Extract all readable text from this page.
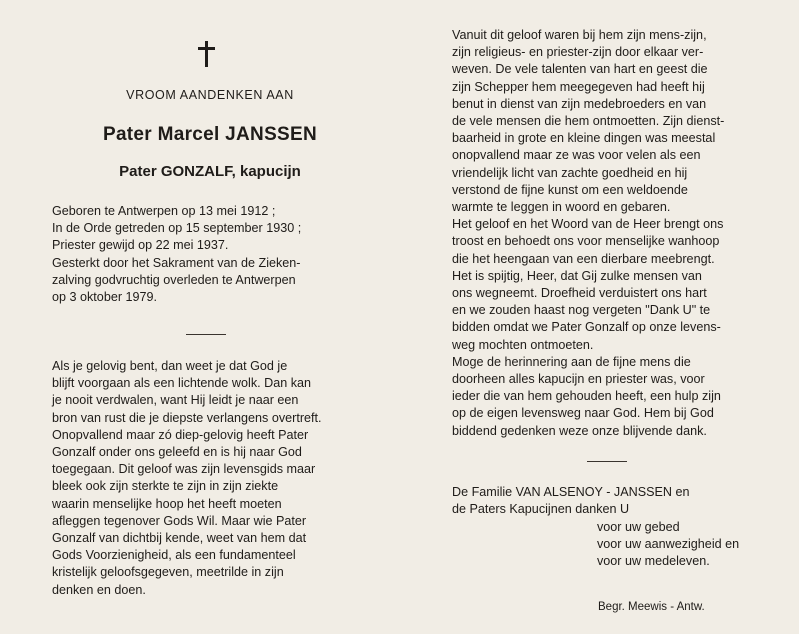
VROOM AANDENKEN AAN
Pater Marcel JANSSEN
Pater GONZALF, kapucijn
Geboren te Antwerpen op 13 mei 1912 ;
In de Orde getreden op 15 september 1930 ;
Priester gewijd op 22 mei 1937.
Gesterkt door het Sakrament van de Zieken-
zalving godvruchtig overleden te Antwerpen
op 3 oktober 1979.
Als je gelovig bent, dan weet je dat God je
blijft voorgaan als een lichtende wolk. Dan kan
je nooit verdwalen, want Hij leidt je naar een
bron van rust die je diepste verlangens overtreft.
Onopvallend maar zó diep-gelovig heeft Pater
Gonzalf onder ons geleefd en is hij naar God
toegegaan. Dit geloof was zijn levensgids maar
bleek ook zijn sterkte te zijn in zijn ziekte
waarin menselijke hoop het heeft moeten
afleggen tegenover Gods Wil. Maar wie Pater
Gonzalf van dichtbij kende, weet van hem dat
Gods Voorzienigheid, als een fundamenteel
kristelijk geloofsgegeven, meetrilde in zijn
denken en doen.
Vanuit dit geloof waren bij hem zijn mens-zijn,
zijn religieus- en priester-zijn door elkaar ver-
weven. De vele talenten van hart en geest die
zijn Schepper hem meegegeven had heeft hij
benut in dienst van zijn medebroeders en van
de vele mensen die hem ontmoetten. Zijn dienst-
baarheid in grote en kleine dingen was meestal
onopvallend maar ze was voor velen als een
vriendelijk licht van zachte goedheid en hij
verstond de fijne kunst om een weldoende
warmte te leggen in woord en gebaren.
Het geloof en het Woord van de Heer brengt ons
troost en behoedt ons voor menselijke wanhoop
die het heengaan van een dierbare meebrengt.
Het is spijtig, Heer, dat Gij zulke mensen van
ons wegneemt. Droefheid verduistert ons hart
en we zouden haast nog vergeten "Dank U" te
bidden omdat we Pater Gonzalf op onze levens-
weg mochten ontmoeten.
Moge de herinnering aan de fijne mens die
doorheen alles kapucijn en priester was, voor
ieder die van hem gehouden heeft, een hulp zijn
op de eigen levensweg naar God. Hem bij God
biddend gedenken weze onze blijvende dank.
De Familie VAN ALSENOY - JANSSEN en
de Paters Kapucijnen danken U
voor uw gebed
voor uw aanwezigheid en
voor uw medeleven.
Begr. Meewis - Antw.
